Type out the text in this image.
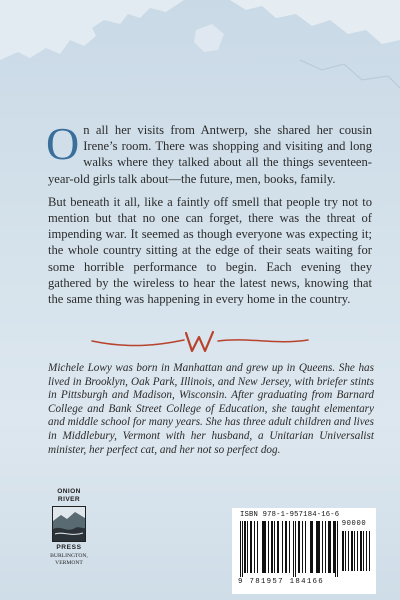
On all her visits from Antwerp, she shared her cousin Irene’s room. There was shopping and visiting and long walks where they talked about all the things seventeen-year-old girls talk about—the future, men, books, family.

But beneath it all, like a faintly off smell that people try not to mention but that no one can forget, there was the threat of impending war. It seemed as though everyone was expecting it; the whole country sitting at the edge of their seats waiting for some horrible performance to begin. Each evening they gathered by the wireless to hear the latest news, knowing that the same thing was happening in every home in the country.

Michele Lowy was born in Manhattan and grew up in Queens. She has lived in Brooklyn, Oak Park, Illinois, and New Jersey, with briefer stints in Pittsburgh and Madison, Wisconsin. After graduating from Barnard College and Bank Street College of Education, she taught elementary and middle school for many years. She has three adult children and lives in Middlebury, Vermont with her husband, a Unitarian Universalist minister, her perfect cat, and her not so perfect dog.

ONION
RIVER
PRESS
BURLINGTON,
VERMONT
ISBN 978-1-957184-16-6
9 781957 184166
90000
